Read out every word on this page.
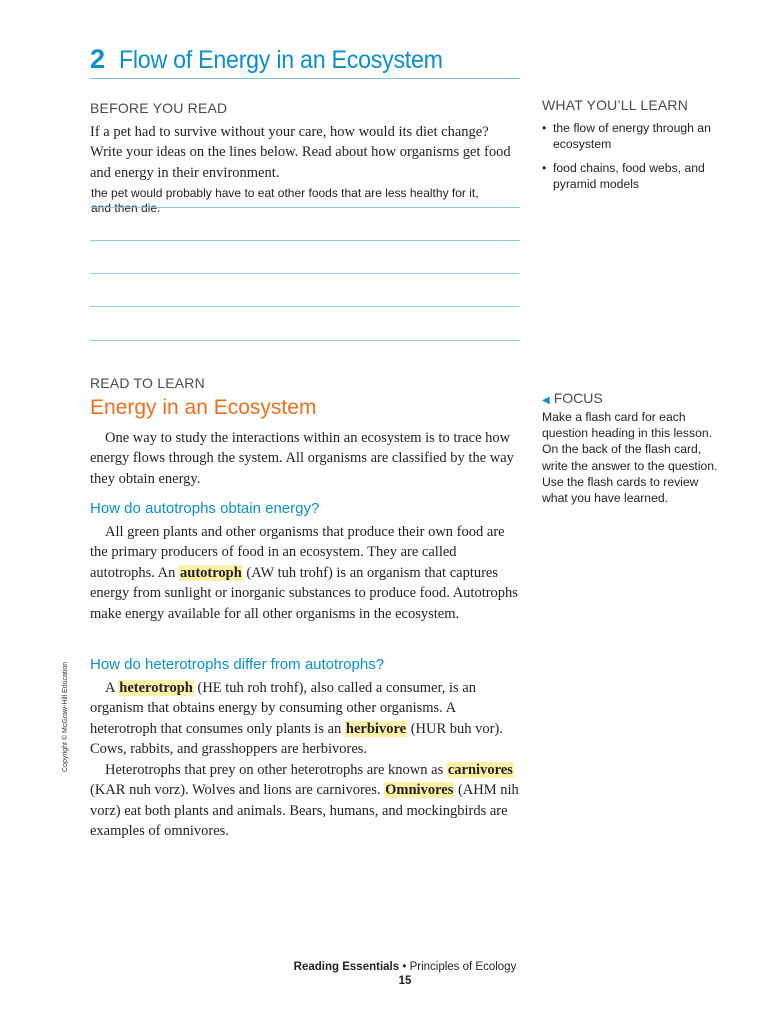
2 Flow of Energy in an Ecosystem
BEFORE YOU READ
If a pet had to survive without your care, how would its diet change? Write your ideas on the lines below. Read about how organisms get food and energy in their environment.
the pet would probably have to eat other foods that are less healthy for it,
and then die.
WHAT YOU’LL LEARN
• the flow of energy through an ecosystem
• food chains, food webs, and pyramid models
READ TO LEARN
Energy in an Ecosystem
One way to study the interactions within an ecosystem is to trace how energy flows through the system. All organisms are classified by the way they obtain energy.
◀ FOCUS
Make a flash card for each question heading in this lesson. On the back of the flash card, write the answer to the question. Use the flash cards to review what you have learned.
How do autotrophs obtain energy?
All green plants and other organisms that produce their own food are the primary producers of food in an ecosystem. They are called autotrophs. An autotroph (AW tuh trohf) is an organism that captures energy from sunlight or inorganic substances to produce food. Autotrophs make energy available for all other organisms in the ecosystem.
How do heterotrophs differ from autotrophs?
A heterotroph (HE tuh roh trohf), also called a consumer, is an organism that obtains energy by consuming other organisms. A heterotroph that consumes only plants is an herbivore (HUR buh vor). Cows, rabbits, and grasshoppers are herbivores.
Heterotrophs that prey on other heterotrophs are known as carnivores (KAR nuh vorz). Wolves and lions are carnivores. Omnivores (AHM nih vorz) eat both plants and animals. Bears, humans, and mockingbirds are examples of omnivores.
Copyright © McGraw-Hill Education
Reading Essentials • Principles of Ecology
15
